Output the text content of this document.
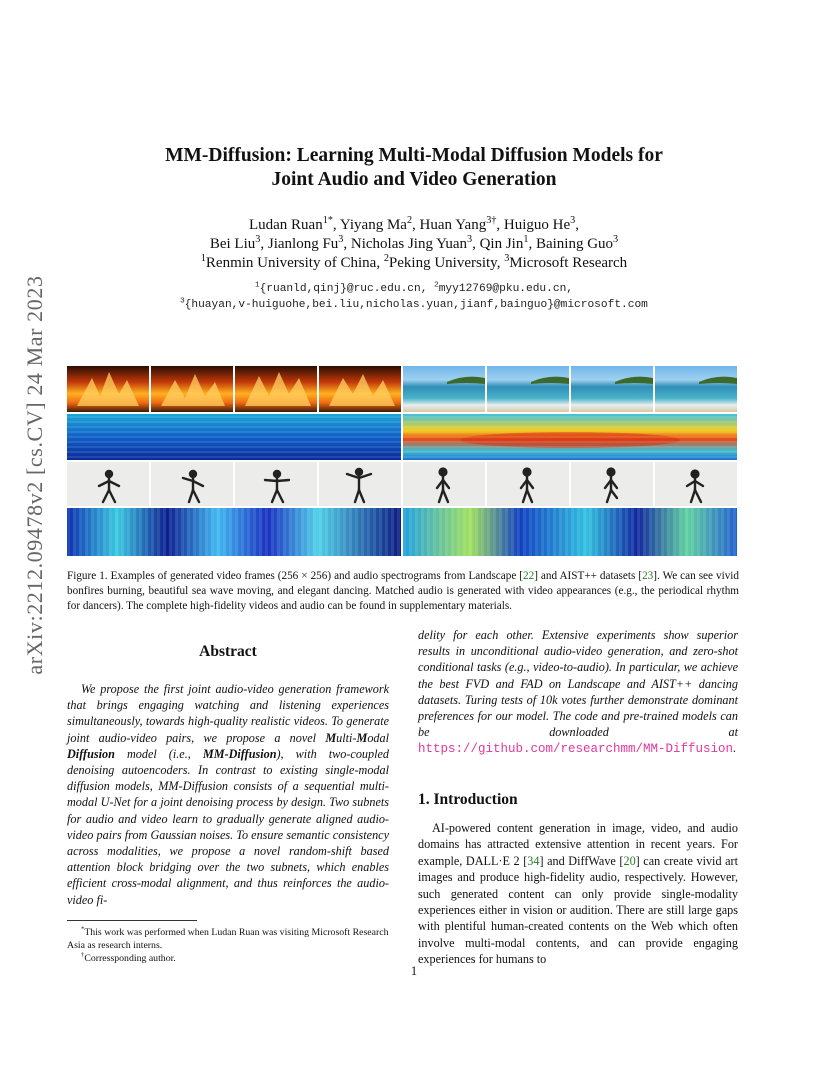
arXiv:2212.09478v2 [cs.CV] 24 Mar 2023
MM-Diffusion: Learning Multi-Modal Diffusion Models for
Joint Audio and Video Generation
Ludan Ruan$^{1*}$, Yiyang Ma$^2$, Huan Yang$^{3\dagger}$, Huiguo He$^3$,
Bei Liu$^3$, Jianlong Fu$^3$, Nicholas Jing Yuan$^3$, Qin Jin$^1$, Baining Guo$^3$
$^1$Renmin University of China, $^2$Peking University, $^3$Microsoft Research
$^1${ruanld,qinj}@ruc.edu.cn, $^2$myy12769@pku.edu.cn,
$^3${huayan,v-huiguohe,bei.liu,nicholas.yuan,jianf,bainguo}@microsoft.com
Figure 1. Examples of generated video frames (256 × 256) and audio spectrograms from Landscape [22] and AIST++ datasets [23]. We can see vivid bonfires burning, beautiful sea wave moving, and elegant dancing. Matched audio is generated with video appearances (e.g., the periodical rhythm for dancers). The complete high-fidelity videos and audio can be found in supplementary materials.
Abstract
We propose the first joint audio-video generation framework that brings engaging watching and listening experiences simultaneously, towards high-quality realistic videos. To generate joint audio-video pairs, we propose a novel Multi-Modal Diffusion model (i.e., MM-Diffusion), with two-coupled denoising autoencoders. In contrast to existing single-modal diffusion models, MM-Diffusion consists of a sequential multi-modal U-Net for a joint denoising process by design. Two subnets for audio and video learn to gradually generate aligned audio-video pairs from Gaussian noises. To ensure semantic consistency across modalities, we propose a novel random-shift based attention block bridging over the two subnets, which enables efficient cross-modal alignment, and thus reinforces the audio-video fi-
delity for each other. Extensive experiments show superior results in unconditional audio-video generation, and zero-shot conditional tasks (e.g., video-to-audio). In particular, we achieve the best FVD and FAD on Landscape and AIST++ dancing datasets. Turing tests of 10k votes further demonstrate dominant preferences for our model. The code and pre-trained models can be downloaded at https://github.com/researchmm/MM-Diffusion.
1. Introduction
AI-powered content generation in image, video, and audio domains has attracted extensive attention in recent years. For example, DALL·E 2 [34] and DiffWave [20] can create vivid art images and produce high-fidelity audio, respectively. However, such generated content can only provide single-modality experiences either in vision or audition. There are still large gaps with plentiful human-created contents on the Web which often involve multi-modal contents, and can provide engaging experiences for humans to

*This work was performed when Ludan Ruan was visiting Microsoft Research Asia as research interns.

†Corressponding author.

1
